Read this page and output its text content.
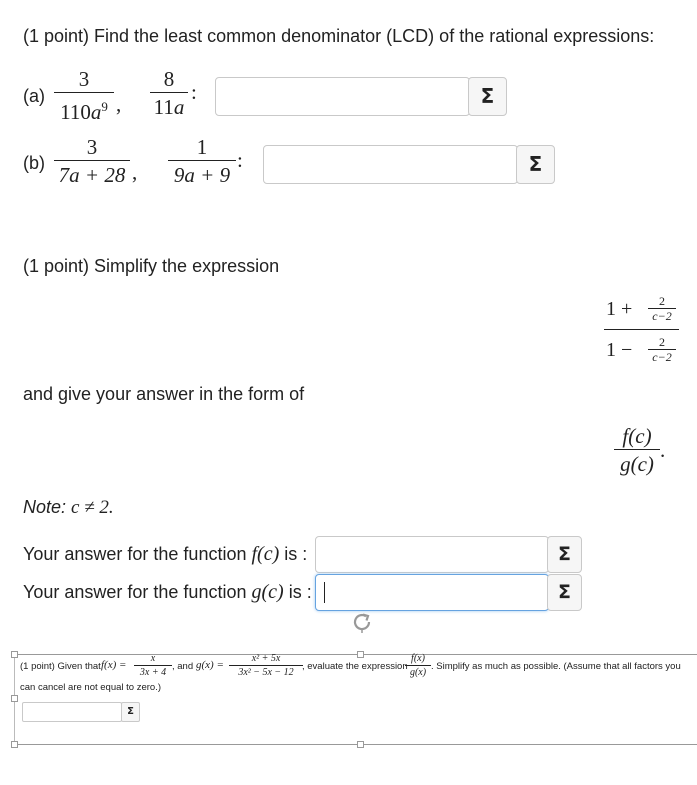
(1 point) Find the least common denominator (LCD) of the rational expressions:
(a)
3
$110a^9$ ,
8
11a
:	Σ
(b)
3
7a + 28 ,
1
9a + 9
:	Σ
(1 point) Simplify the expression
1 +	2
c−2
1 −	2
c−2
and give your answer in the form of
f(c)
g(c)
.
Note: c ≠ 2.
Your answer for the function f(c) is :	Σ
Your answer for the function g(c) is :	Σ
(1 point) Given that f(x) =
x
3x + 4
, and g(x) =
x² + 5x
3x² − 5x − 12
, evaluate the expression
f(x)
g(x)
. Simplify as much as possible. (Assume that all factors you
can cancel are not equal to zero.)
Σ
